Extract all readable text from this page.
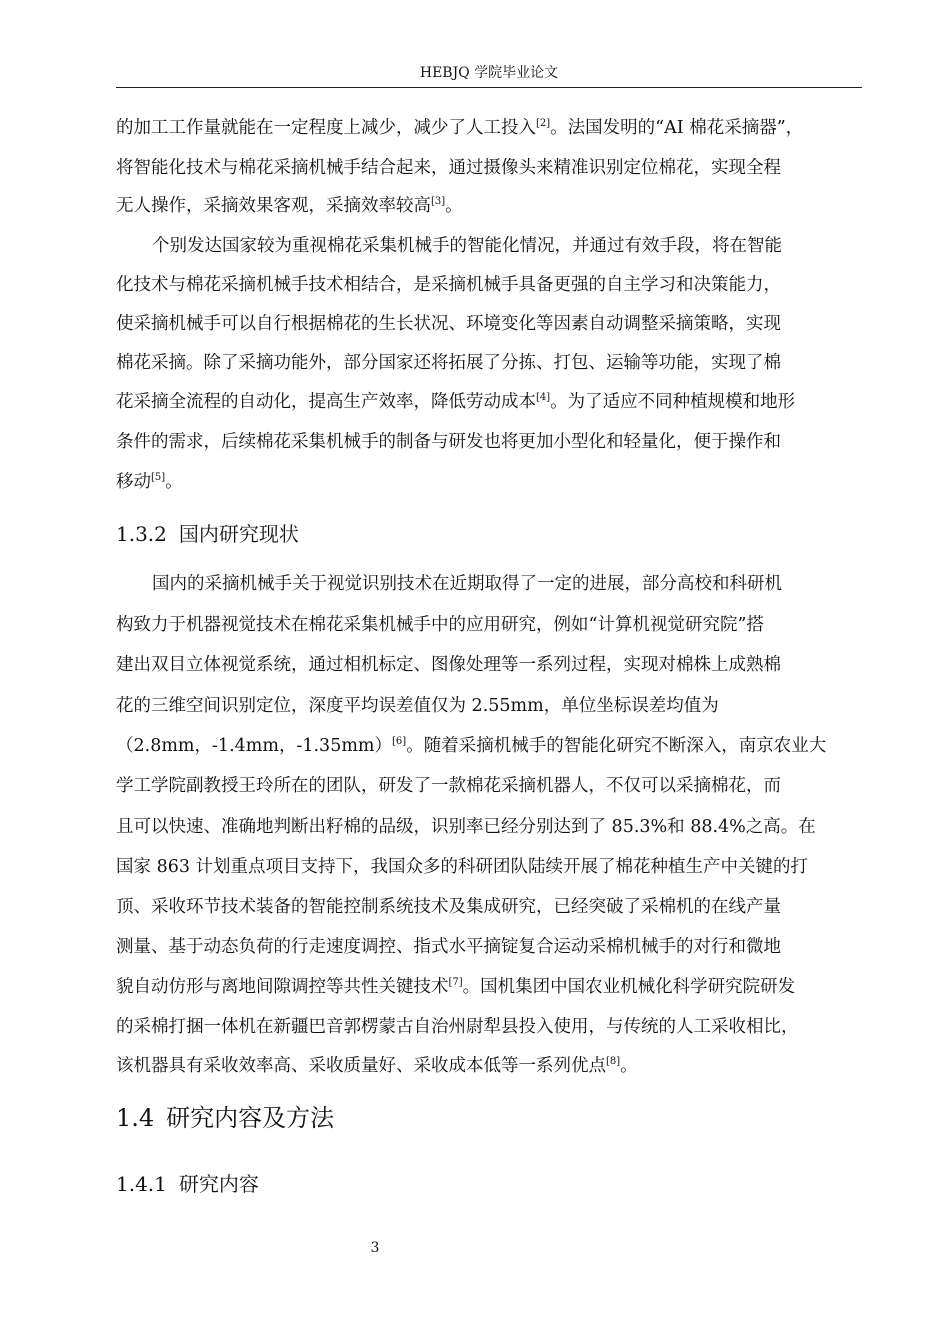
HEBJQ 学院毕业论文
的加工工作量就能在一定程度上减少，减少了人工投入[2]。法国发明的“AI 棉花采摘器”，
将智能化技术与棉花采摘机械手结合起来，通过摄像头来精准识别定位棉花，实现全程
无人操作，采摘效果客观，采摘效率较高[3]。
个别发达国家较为重视棉花采集机械手的智能化情况，并通过有效手段，将在智能
化技术与棉花采摘机械手技术相结合，是采摘机械手具备更强的自主学习和决策能力，
使采摘机械手可以自行根据棉花的生长状况、环境变化等因素自动调整采摘策略，实现
棉花采摘。除了采摘功能外，部分国家还将拓展了分拣、打包、运输等功能，实现了棉
花采摘全流程的自动化，提高生产效率，降低劳动成本[4]。为了适应不同种植规模和地形
条件的需求，后续棉花采集机械手的制备与研发也将更加小型化和轻量化，便于操作和
移动[5]。
1.3.2 国内研究现状
国内的采摘机械手关于视觉识别技术在近期取得了一定的进展，部分高校和科研机
构致力于机器视觉技术在棉花采集机械手中的应用研究，例如“计算机视觉研究院”搭
建出双目立体视觉系统，通过相机标定、图像处理等一系列过程，实现对棉株上成熟棉
花的三维空间识别定位，深度平均误差值仅为 2.55mm，单位坐标误差均值为
（2.8mm，-1.4mm，-1.35mm）[6]。随着采摘机械手的智能化研究不断深入，南京农业大
学工学院副教授王玲所在的团队，研发了一款棉花采摘机器人，不仅可以采摘棉花，而
且可以快速、准确地判断出籽棉的品级，识别率已经分别达到了 85.3%和 88.4%之高。在
国家 863 计划重点项目支持下，我国众多的科研团队陆续开展了棉花种植生产中关键的打
顶、采收环节技术装备的智能控制系统技术及集成研究，已经突破了采棉机的在线产量
测量、基于动态负荷的行走速度调控、指式水平摘锭复合运动采棉机械手的对行和微地
貌自动仿形与离地间隙调控等共性关键技术[7]。国机集团中国农业机械化科学研究院研发
的采棉打捆一体机在新疆巴音郭楞蒙古自治州尉犁县投入使用，与传统的人工采收相比，
该机器具有采收效率高、采收质量好、采收成本低等一系列优点[8]。
1.4 研究内容及方法
1.4.1 研究内容
3
